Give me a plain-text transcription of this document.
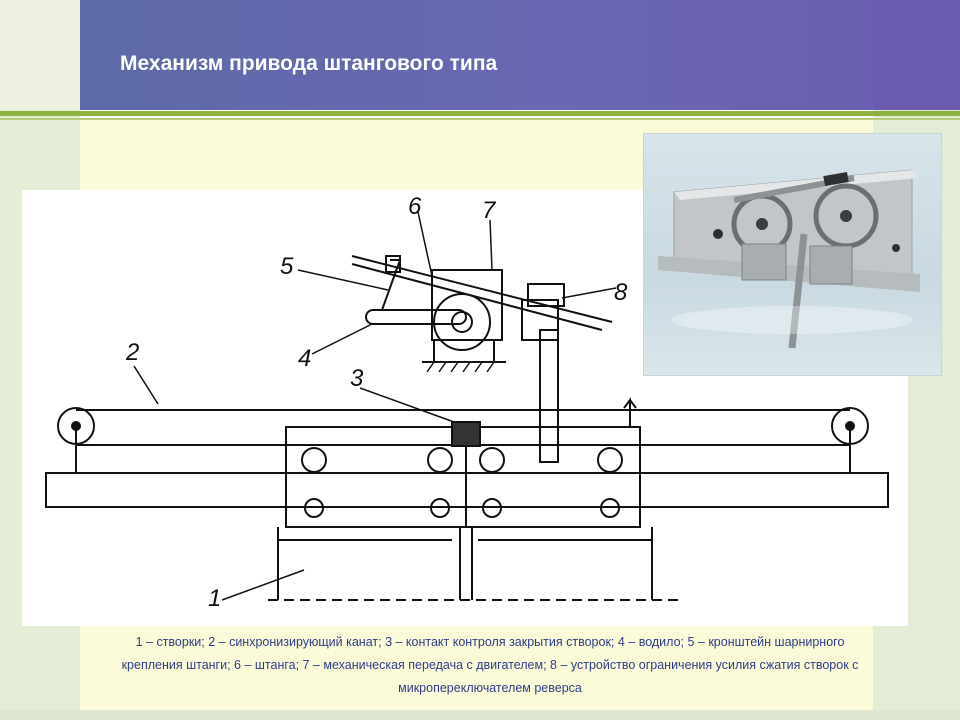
Механизм привода штангового типа
1
2
3
4
5
6	7
8
1 – створки; 2 – синхронизирующий канат; 3 – контакт контроля закрытия створок; 4 – водило; 5 – кронштейн шарнирного крепления штанги; 6 – штанга; 7 – механическая передача с двигателем; 8 – устройство ограничения усилия сжатия створок с микропереключателем реверса
